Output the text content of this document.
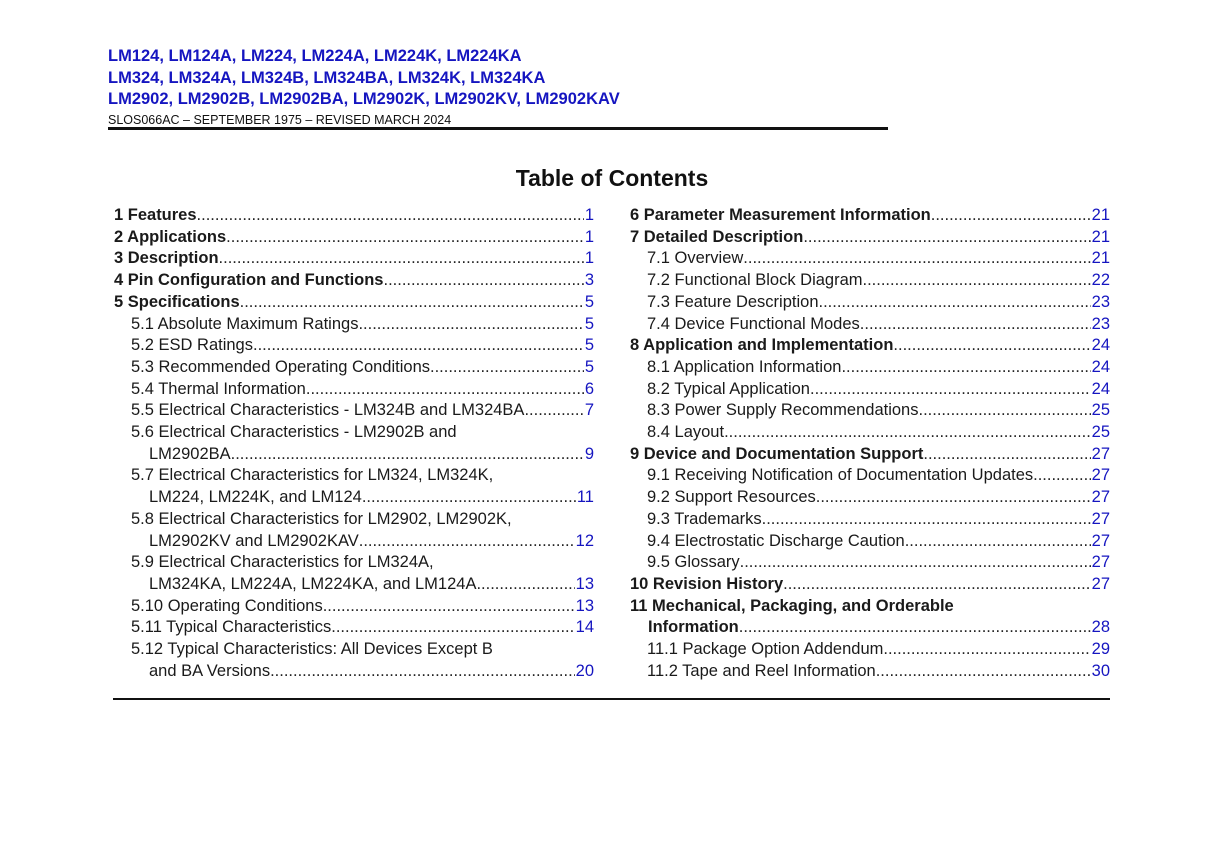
LM124, LM124A, LM224, LM224A, LM224K, LM224KA
LM324, LM324A, LM324B, LM324BA, LM324K, LM324KA
LM2902, LM2902B, LM2902BA, LM2902K, LM2902KV, LM2902KAV
SLOS066AC – SEPTEMBER 1975 – REVISED MARCH 2024
Table of Contents
1 Features .....	1
2 Applications .....	1
3 Description .....	1
4 Pin Configuration and Functions .....	3
5 Specifications .....	5
5.1 Absolute Maximum Ratings .....	5
5.2 ESD Ratings .....	5
5.3 Recommended Operating Conditions .....	5
5.4 Thermal Information .....	6
5.5 Electrical Characteristics - LM324B and LM324BA .....	7
5.6 Electrical Characteristics - LM2902B and
LM2902BA .....	9
5.7 Electrical Characteristics for LM324, LM324K,
LM224, LM224K, and LM124 .....	11
5.8 Electrical Characteristics for LM2902, LM2902K,
LM2902KV and LM2902KAV .....	12
5.9 Electrical Characteristics for LM324A,
LM324KA, LM224A, LM224KA, and LM124A .....	13
5.10 Operating Conditions .....	13
5.11 Typical Characteristics .....	14
5.12 Typical Characteristics: All Devices Except B
and BA Versions .....	20
6 Parameter Measurement Information .....	21
7 Detailed Description .....	21
7.1 Overview .....	21
7.2 Functional Block Diagram .....	22
7.3 Feature Description .....	23
7.4 Device Functional Modes .....	23
8 Application and Implementation .....	24
8.1 Application Information .....	24
8.2 Typical Application .....	24
8.3 Power Supply Recommendations .....	25
8.4 Layout .....	25
9 Device and Documentation Support .....	27
9.1 Receiving Notification of Documentation Updates .....	27
9.2 Support Resources .....	27
9.3 Trademarks .....	27
9.4 Electrostatic Discharge Caution .....	27
9.5 Glossary .....	27
10 Revision History .....	27
11 Mechanical, Packaging, and Orderable
Information .....	28
11.1 Package Option Addendum .....	29
11.2 Tape and Reel Information .....	30
